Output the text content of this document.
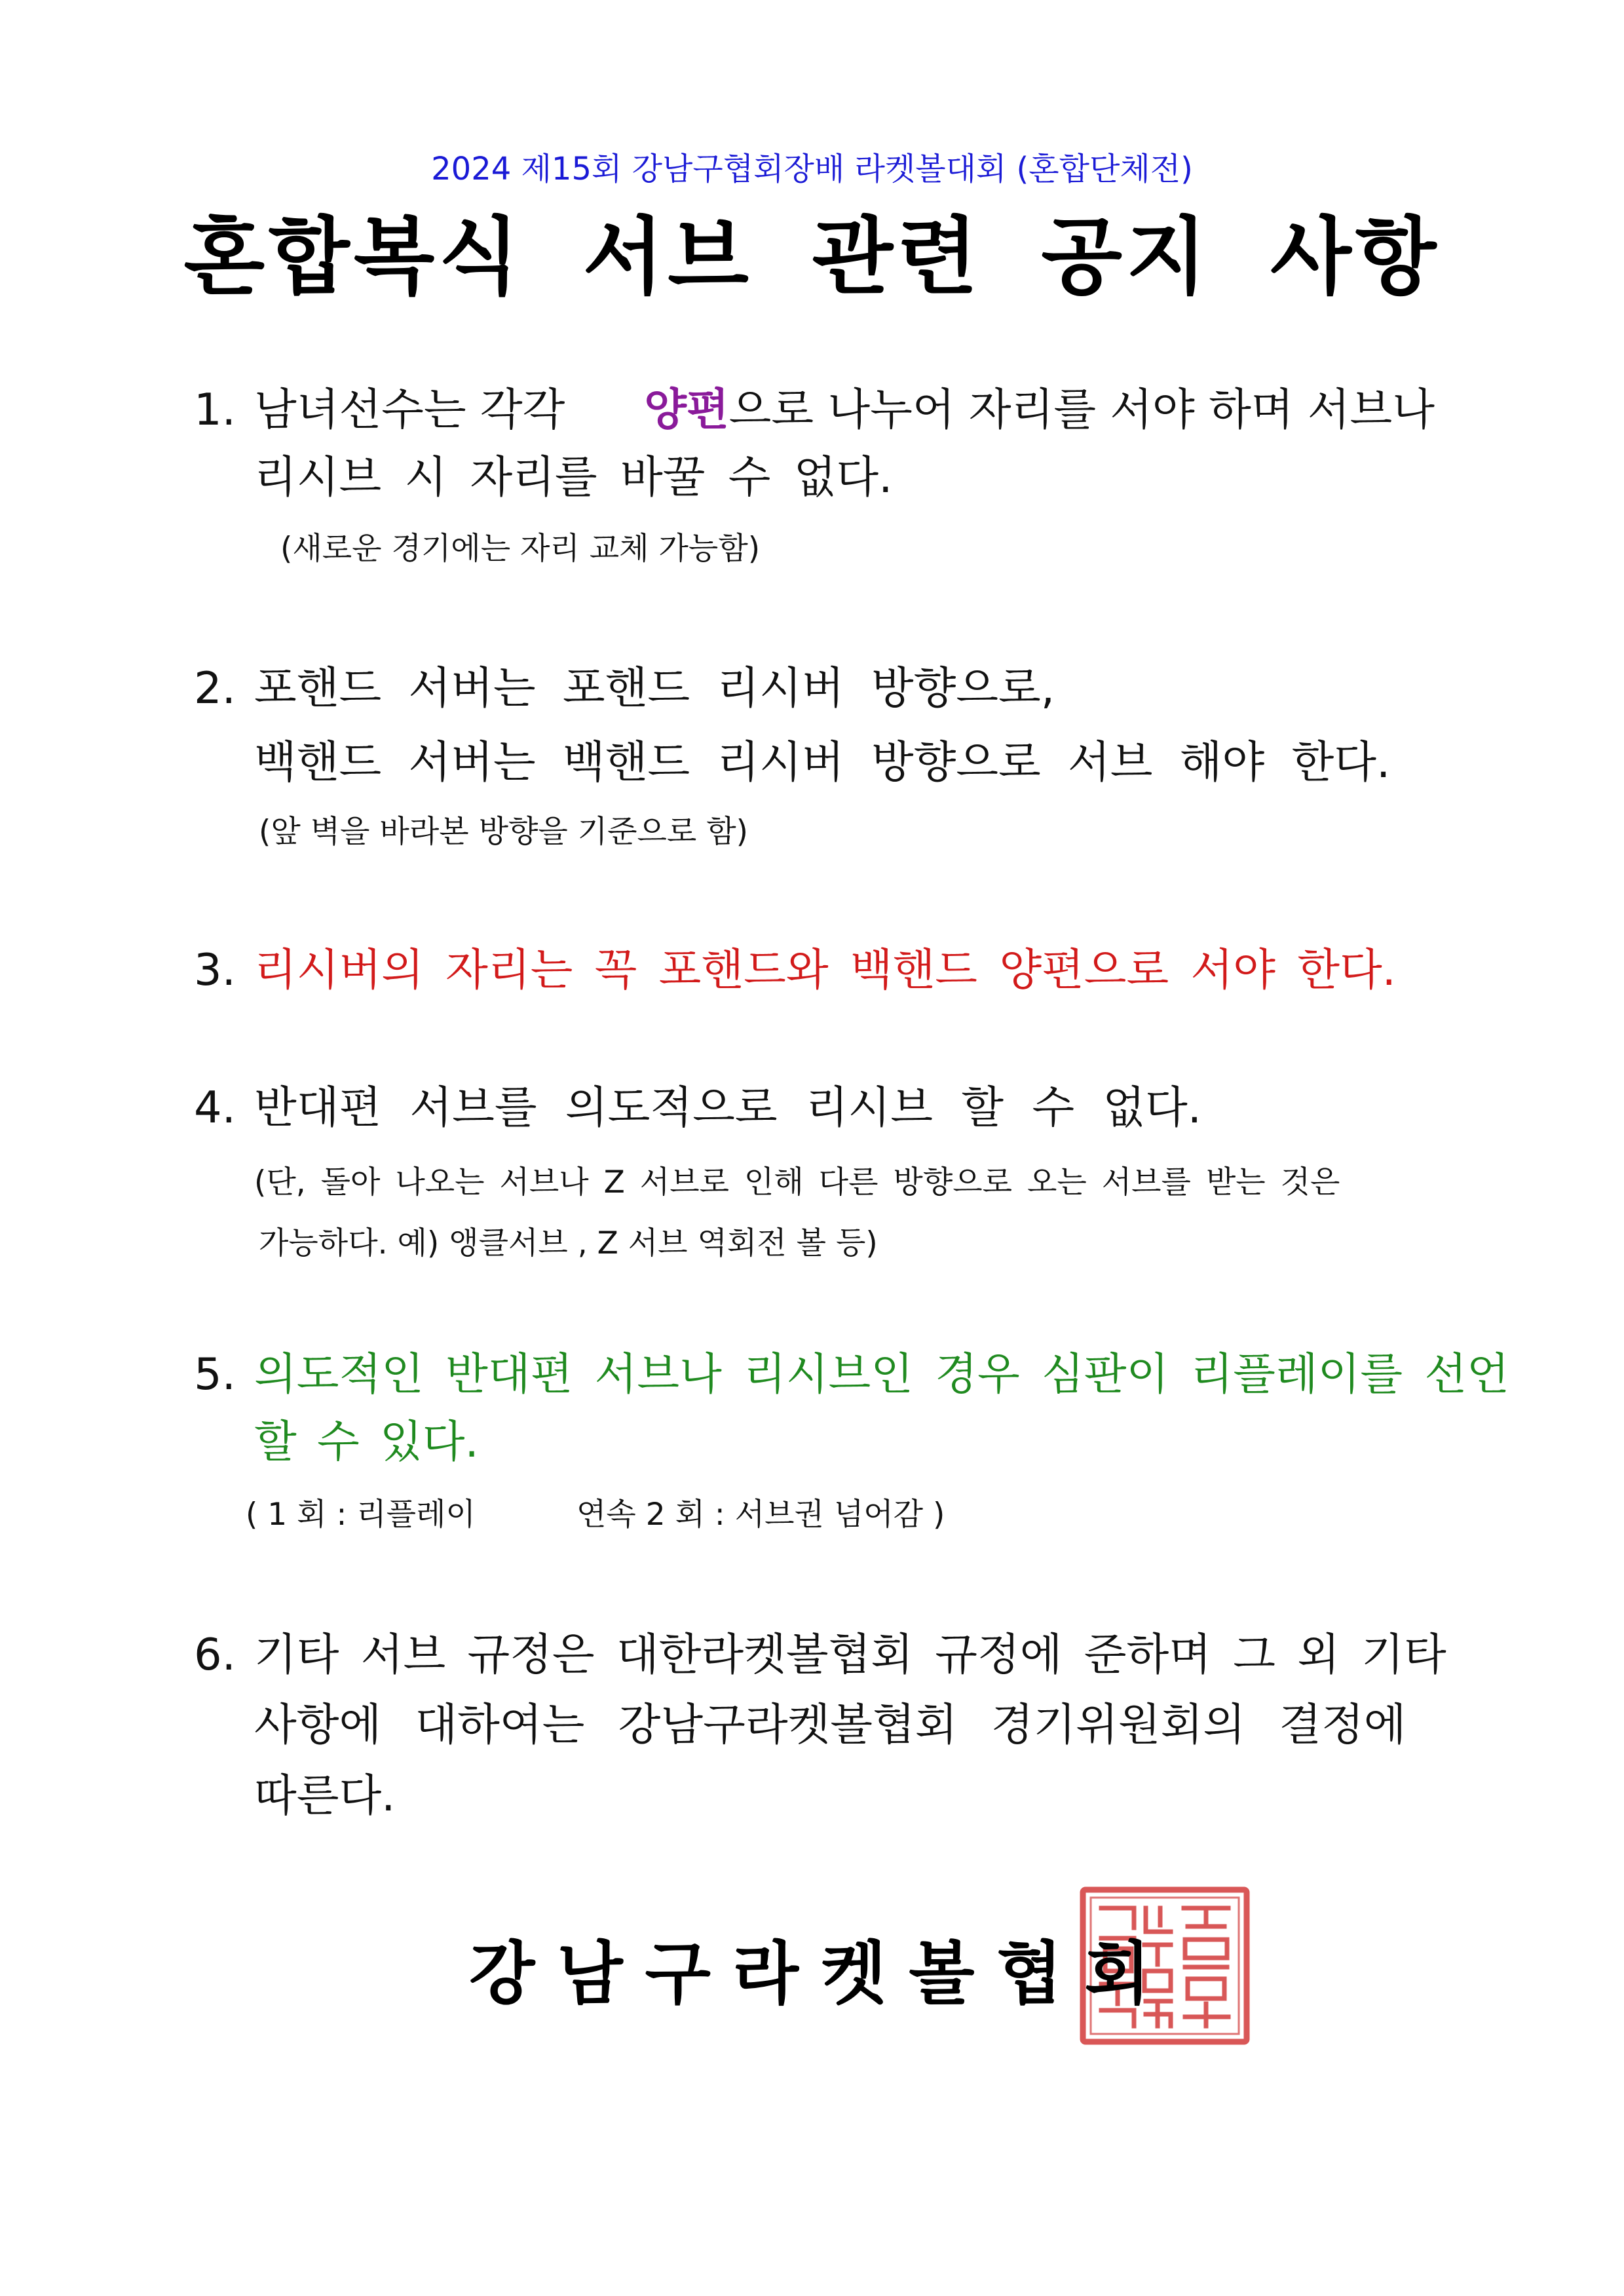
2024 제15회 강남구협회장배 라켓볼대회 (혼합단체전)
혼합복식 서브 관련 공지 사항
1. 남녀선수는 각각 양편으로 나누어 자리를 서야 하며 서브나
리시브 시 자리를 바꿀 수 없다.
(새로운 경기에는 자리 교체 가능함)
2. 포핸드 서버는 포핸드 리시버 방향으로,
백핸드 서버는 백핸드 리시버 방향으로 서브 해야 한다.
(앞 벽을 바라본 방향을 기준으로 함)
3. 리시버의 자리는 꼭 포핸드와 백핸드 양편으로 서야 한다.
4. 반대편 서브를 의도적으로 리시브 할 수 없다.
(단, 돌아 나오는 서브나 Z 서브로 인해 다른 방향으로 오는 서브를 받는 것은
가능하다. 예) 앵클서브 , Z 서브 역회전 볼 등)
5. 의도적인 반대편 서브나 리시브인 경우 심판이 리플레이를 선언
할 수 있다.
( 1 회 : 리플레이	연속 2 회 : 서브권 넘어감 )
6. 기타 서브 규정은 대한라켓볼협회 규정에 준하며 그 외 기타
사항에 대하여는 강남구라켓볼협회 경기위원회의 결정에
따른다.
강 남 구 라 켓 볼 협 회
